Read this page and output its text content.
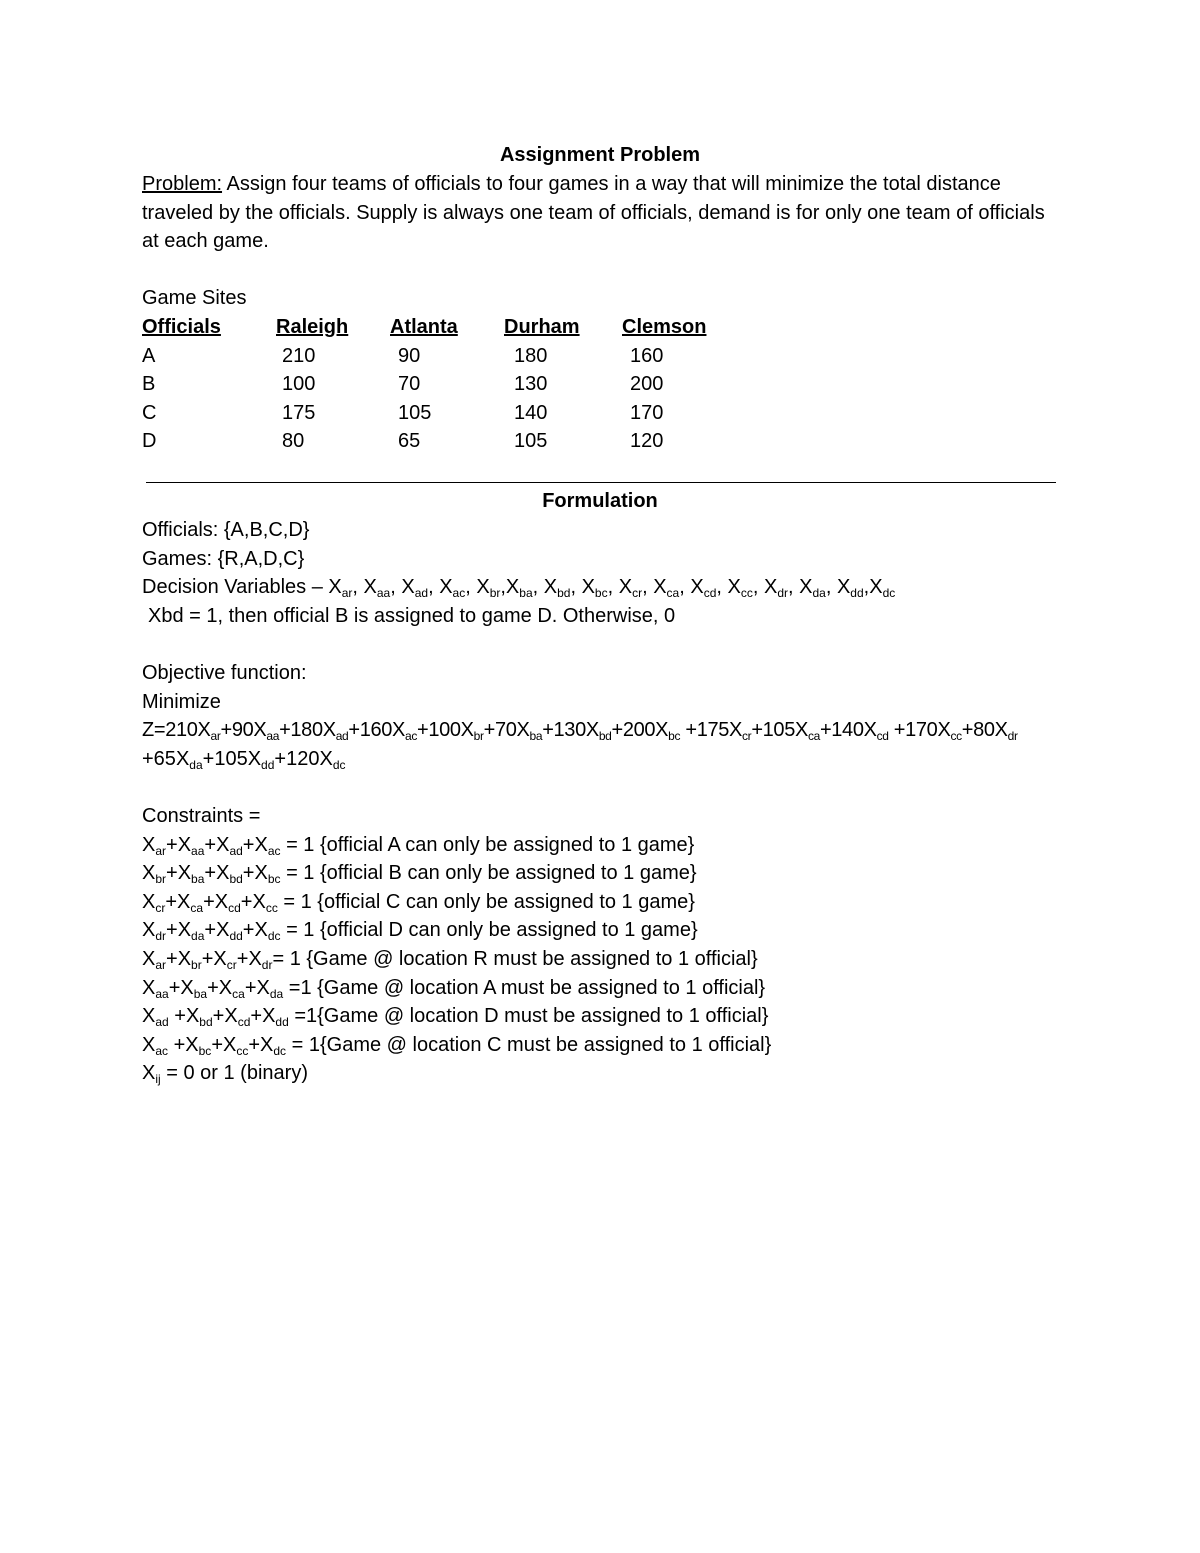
Assignment Problem

Problem: Assign four teams of officials to four games in a way that will minimize the total distance traveled by the officials. Supply is always one team of officials, demand is for only one team of officials at each game.

Game Sites
Officials	Raleigh	Atlanta	Durham	Clemson
A	210	90	180	160
B	100	70	130	200
C	175	105	140	170
D	80	65	105	120
Formulation
Officials: {A,B,C,D}
Games: {R,A,D,C}
Decision Variables – $X_{ar}$, $X_{aa}$, $X_{ad}$, $X_{ac}$, $X_{br},X_{ba}$, $X_{bd}$, $X_{bc}$, $X_{cr}$, $X_{ca}$, $X_{cd}$, $X_{cc}$, $X_{dr}$, $X_{da}$, $X_{dd},X_{dc}$
Xbd = 1, then official B is assigned to game D. Otherwise, 0
Objective function:
Minimize
$Z=210X_{ar}+90X_{aa}+180X_{ad}+160X_{ac}+100X_{br}+70X_{ba}+130X_{bd}+200X_{bc} +175X_{cr}+105X_{ca}+140X_{cd} +170X_{cc}+80X_{dr}$
$+65X_{da}+105X_{dd}+120X_{dc}$
Constraints =
$X_{ar}+X_{aa}+X_{ad}+X_{ac} = 1$ {official A can only be assigned to 1 game}
$X_{br}+X_{ba}+X_{bd}+X_{bc} = 1$ {official B can only be assigned to 1 game}
$X_{cr}+X_{ca}+X_{cd}+X_{cc} = 1$ {official C can only be assigned to 1 game}
$X_{dr}+X_{da}+X_{dd}+X_{dc} = 1$ {official D can only be assigned to 1 game}
$X_{ar}+X_{br}+X_{cr}+X_{dr}= 1$ {Game @ location R must be assigned to 1 official}
$X_{aa}+X_{ba}+X_{ca}+X_{da} =1$ {Game @ location A must be assigned to 1 official}
$X_{ad} +X_{bd}+X_{cd}+X_{dd}$ =1{Game @ location D must be assigned to 1 official}
$X_{ac} +X_{bc}+X_{cc}+X_{dc}$ = 1{Game @ location C must be assigned to 1 official}
$X_{ij} = 0$ or 1 (binary)
